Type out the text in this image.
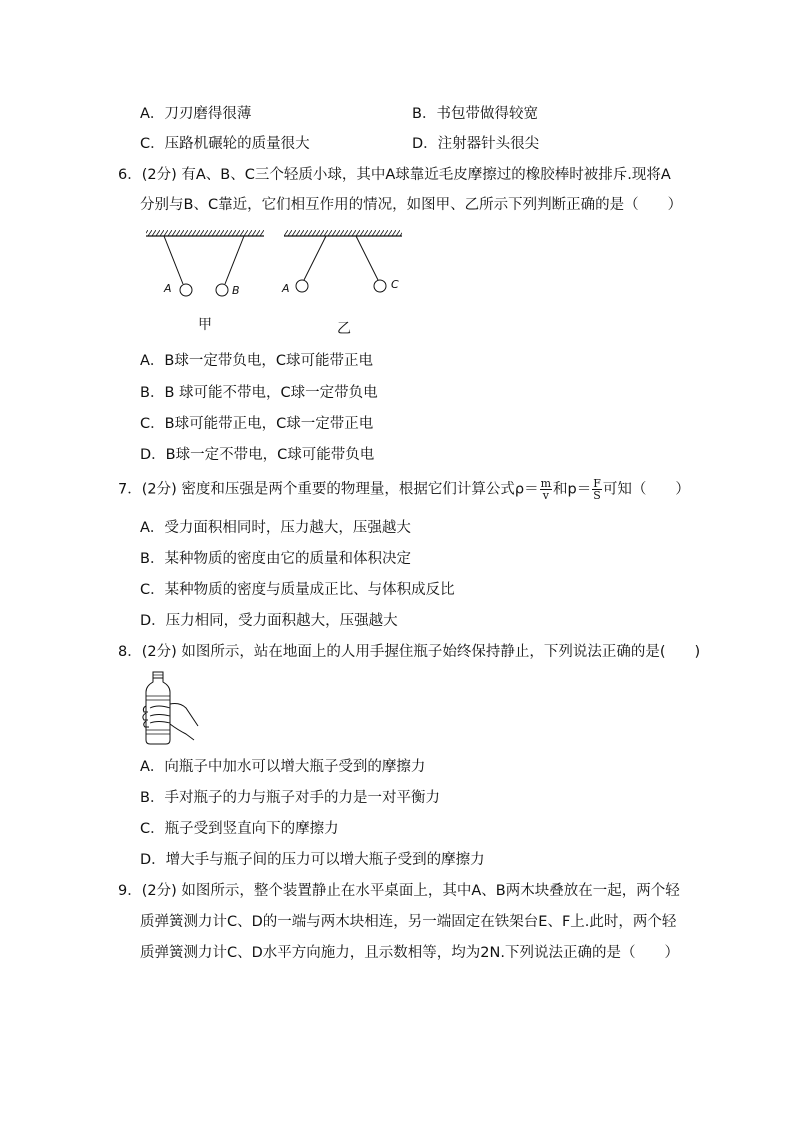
A．刀刃磨得很薄	B．书包带做得较宽
C．压路机碾轮的质量很大	D．注射器针头很尖
6．(2分) 有A、B、C三个轻质小球，其中A球靠近毛皮摩擦过的橡胶棒时被排斥.现将A
分别与B、C靠近，它们相互作用的情况，如图甲、乙所示下列判断正确的是（　　）
A	B	A	C
甲	乙
A．B球一定带负电，C球可能带正电
B．B 球可能不带电，C球一定带负电
C．B球可能带正电，C球一定带正电
D．B球一定不带电，C球可能带负电
7．(2分) 密度和压强是两个重要的物理量，根据它们计算公式$\rho= \frac{m}{v}$ 和$p= \frac{F}{S}$ 可知（　　）
A．受力面积相同时，压力越大，压强越大
B．某种物质的密度由它的质量和体积决定
C．某种物质的密度与质量成正比、与体积成反比
D．压力相同，受力面积越大，压强越大
8．(2分) 如图所示，站在地面上的人用手握住瓶子始终保持静止，下列说法正确的是(　　)
A．向瓶子中加水可以增大瓶子受到的摩擦力
B．手对瓶子的力与瓶子对手的力是一对平衡力
C．瓶子受到竖直向下的摩擦力
D．增大手与瓶子间的压力可以增大瓶子受到的摩擦力
9．(2分) 如图所示，整个装置静止在水平桌面上，其中A、B两木块叠放在一起，两个轻
质弹簧测力计C、D的一端与两木块相连，另一端固定在铁架台E、F上.此时，两个轻
质弹簧测力计C、D水平方向施力，且示数相等，均为2N.下列说法正确的是（　　）
